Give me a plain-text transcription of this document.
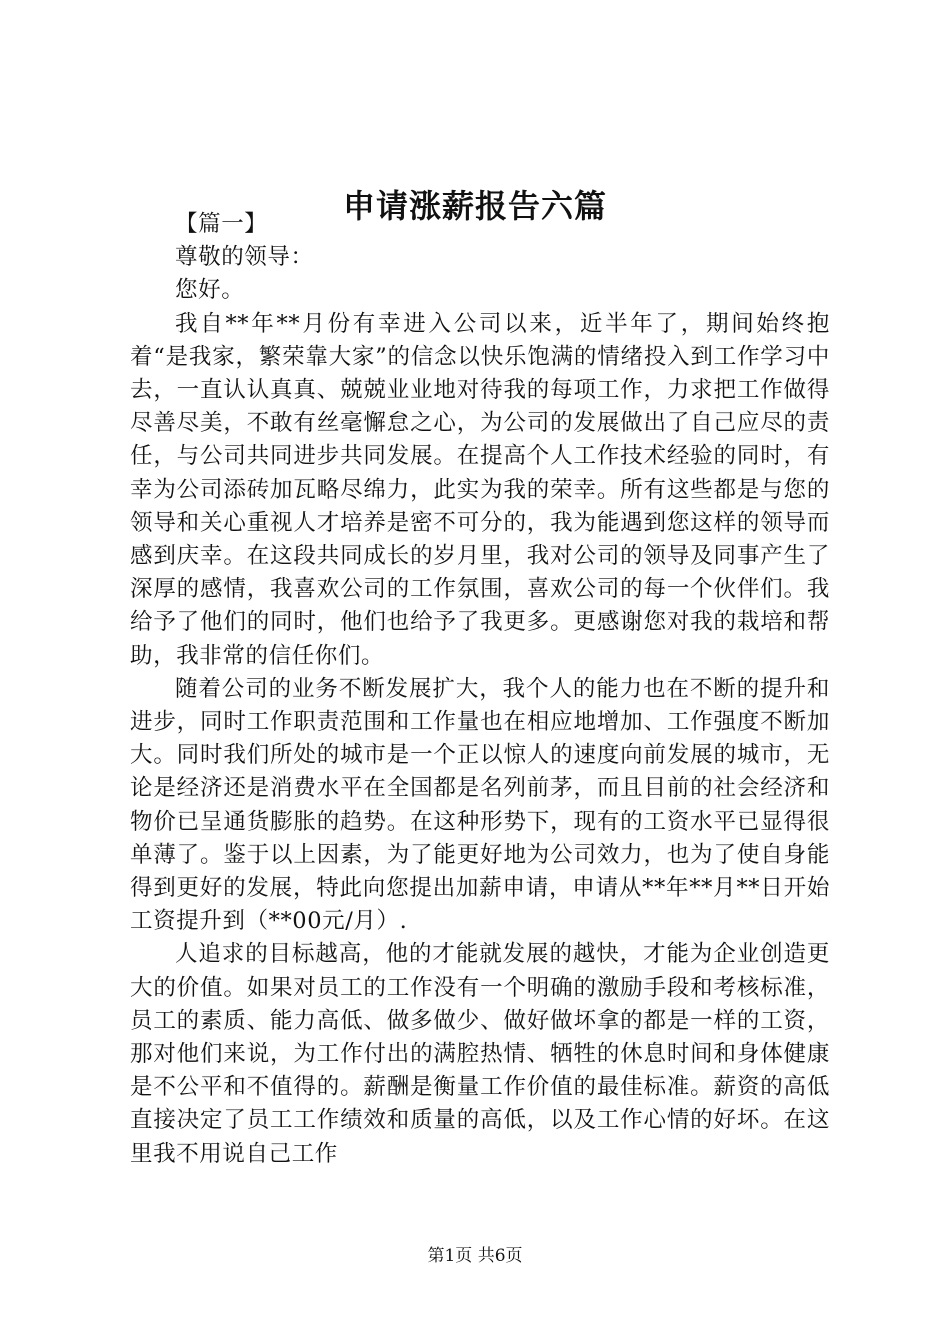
申请涨薪报告六篇

【篇一】

尊敬的领导：

您好。

我自**年**月份有幸进入公司以来，近半年了，期间始终抱着“是我家，繁荣靠大家”的信念以快乐饱满的情绪投入到工作学习中去，一直认认真真、兢兢业业地对待我的每项工作，力求把工作做得尽善尽美，不敢有丝毫懈怠之心，为公司的发展做出了自己应尽的责任，与公司共同进步共同发展。在提高个人工作技术经验的同时，有幸为公司添砖加瓦略尽绵力，此实为我的荣幸。所有这些都是与您的领导和关心重视人才培养是密不可分的，我为能遇到您这样的领导而感到庆幸。在这段共同成长的岁月里，我对公司的领导及同事产生了深厚的感情，我喜欢公司的工作氛围，喜欢公司的每一个伙伴们。我给予了他们的同时，他们也给予了我更多。更感谢您对我的栽培和帮助，我非常的信任你们。

随着公司的业务不断发展扩大，我个人的能力也在不断的提升和进步，同时工作职责范围和工作量也在相应地增加、工作强度不断加大。同时我们所处的城市是一个正以惊人的速度向前发展的城市，无论是经济还是消费水平在全国都是名列前茅，而且目前的社会经济和物价已呈通货膨胀的趋势。在这种形势下，现有的工资水平已显得很单薄了。鉴于以上因素，为了能更好地为公司效力，也为了使自身能得到更好的发展，特此向您提出加薪申请，申请从**年**月**日开始工资提升到（**00元/月）.

人追求的目标越高，他的才能就发展的越快，才能为企业创造更大的价值。如果对员工的工作没有一个明确的激励手段和考核标准，员工的素质、能力高低、做多做少、做好做坏拿的都是一样的工资，那对他们来说，为工作付出的满腔热情、牺牲的休息时间和身体健康是不公平和不值得的。薪酬是衡量工作价值的最佳标准。薪资的高低直接决定了员工工作绩效和质量的高低，以及工作心情的好坏。在这里我不用说自己工作

第1页 共6页
